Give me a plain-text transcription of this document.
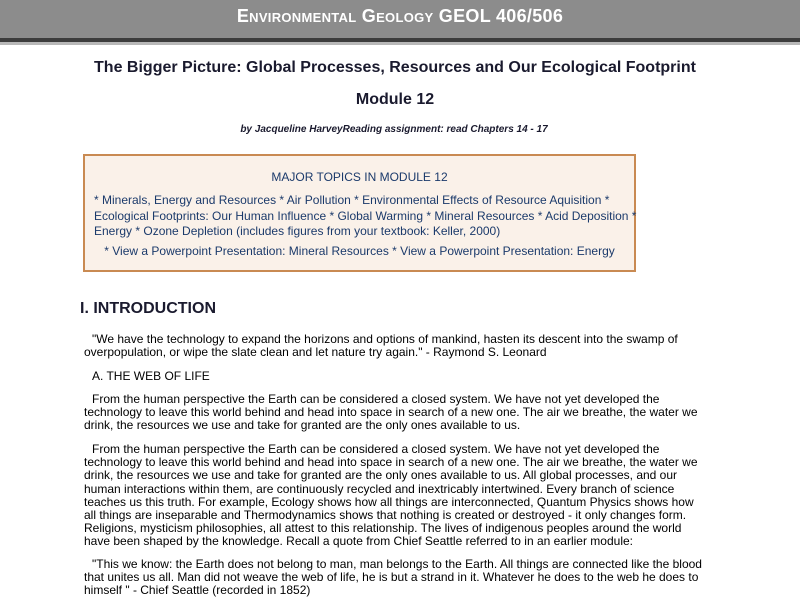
Environmental Geology GEOL 406/506
The Bigger Picture: Global Processes, Resources and Our Ecological Footprint
Module 12
by Jacqueline HarveyReading assignment: read Chapters 14 - 17
MAJOR TOPICS IN MODULE 12
* Minerals, Energy and Resources * Air Pollution * Environmental Effects of Resource Aquisition * Ecological Footprints: Our Human Influence * Global Warming * Mineral Resources * Acid Deposition * Energy * Ozone Depletion (includes figures from your textbook: Keller, 2000)
* View a Powerpoint Presentation: Mineral Resources * View a Powerpoint Presentation: Energy
I. INTRODUCTION

"We have the technology to expand the horizons and options of mankind, hasten its descent into the swamp of overpopulation, or wipe the slate clean and let nature try again." - Raymond S. Leonard

A. THE WEB OF LIFE

From the human perspective the Earth can be considered a closed system. We have not yet developed the technology to leave this world behind and head into space in search of a new one. The air we breathe, the water we drink, the resources we use and take for granted are the only ones available to us.

From the human perspective the Earth can be considered a closed system. We have not yet developed the technology to leave this world behind and head into space in search of a new one. The air we breathe, the water we drink, the resources we use and take for granted are the only ones available to us. All global processes, and our human interactions within them, are continuously recycled and inextricably intertwined. Every branch of science teaches us this truth. For example, Ecology shows how all things are interconnected, Quantum Physics shows how all things are inseparable and Thermodynamics shows that nothing is created or destroyed - it only changes form. Religions, mysticism philosophies, all attest to this relationship. The lives of indigenous peoples around the world have been shaped by the knowledge. Recall a quote from Chief Seattle referred to in an earlier module:

"This we know: the Earth does not belong to man, man belongs to the Earth. All things are connected like the blood that unites us all. Man did not weave the web of life, he is but a strand in it. Whatever he does to the web he does to himself " - Chief Seattle (recorded in 1852)
